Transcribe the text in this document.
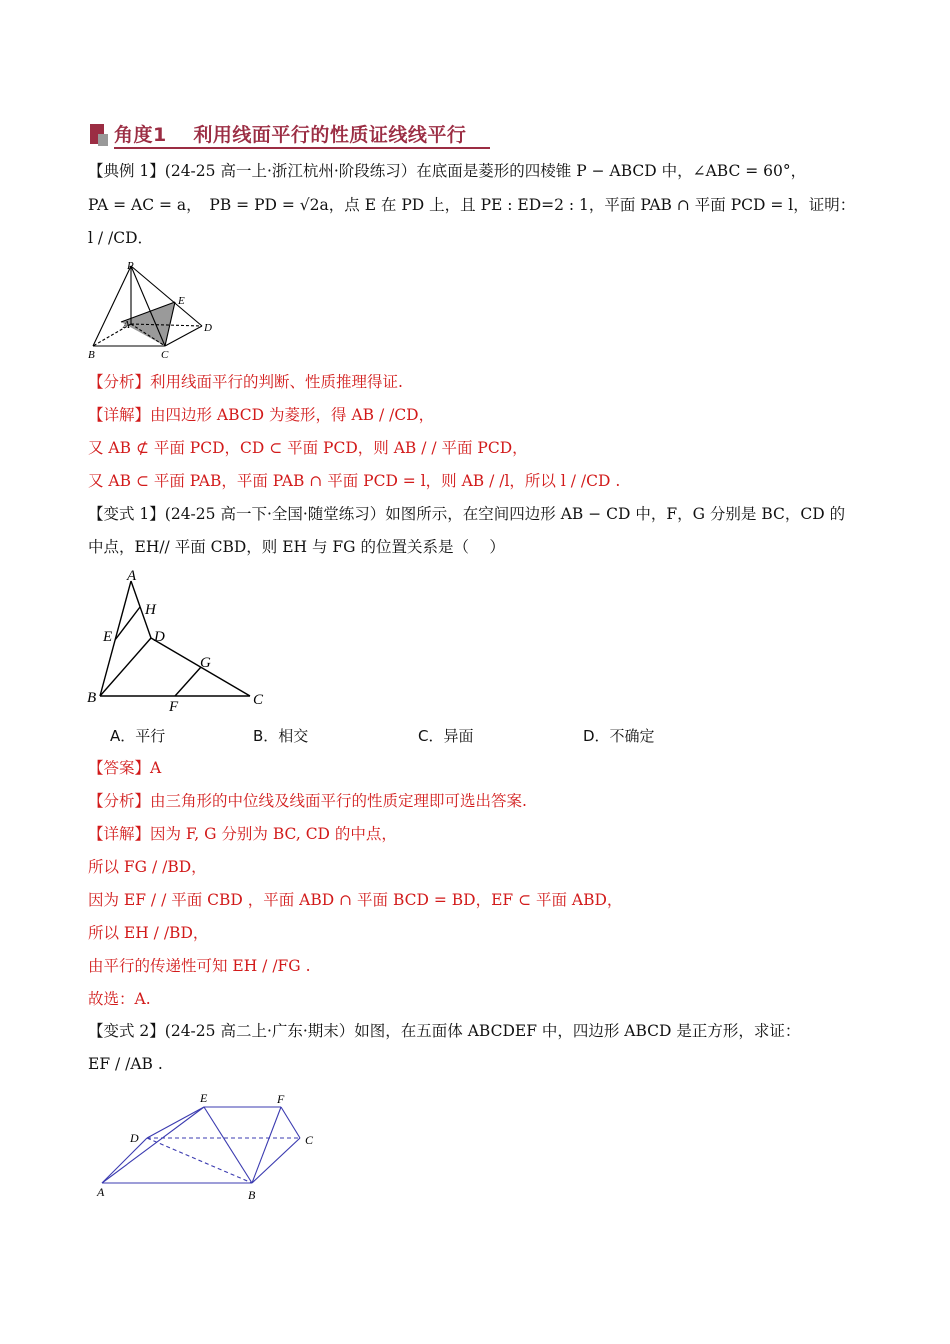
角度1　 利用线面平行的性质证线线平行
【典例 1】(24-25 高一上·浙江杭州·阶段练习）在底面是菱形的四棱锥 P − ABCD 中，∠ABC = 60°，
PA = AC = a，　PB = PD = √2a，点 E 在 PD 上，且 PE : ED=2 : 1，平面 PAB ∩ 平面 PCD = l，证明：
l / /CD．
P
E
A	D
B	C
【分析】利用线面平行的判断、性质推理得证.
【详解】由四边形 ABCD 为菱形，得 AB / /CD，
又 AB ⊄ 平面 PCD，CD ⊂ 平面 PCD，则 AB / / 平面 PCD，
又 AB ⊂ 平面 PAB，平面 PAB ∩ 平面 PCD = l，则 AB / /l，所以 l / /CD .
【变式 1】(24-25 高一下·全国·随堂练习）如图所示，在空间四边形 AB − CD 中，F，G 分别是 BC，CD 的
中点，EH// 平面 CBD，则 EH 与 FG 的位置关系是（　 ）
A
H
E	D
G
B
F	C
A．平行	B．相交	C．异面	D．不确定
【答案】A
【分析】由三角形的中位线及线面平行的性质定理即可选出答案.
【详解】因为 F, G 分别为 BC, CD 的中点，
所以 FG / /BD，
因为 EF / / 平面 CBD ，平面 ABD ∩ 平面 BCD = BD，EF ⊂ 平面 ABD，
所以 EH / /BD，
由平行的传递性可知 EH / /FG .
故选：A.
【变式 2】(24-25 高二上·广东·期末）如图，在五面体 ABCDEF 中，四边形 ABCD 是正方形，求证：
EF / /AB .
E	F
D	C
A	B
